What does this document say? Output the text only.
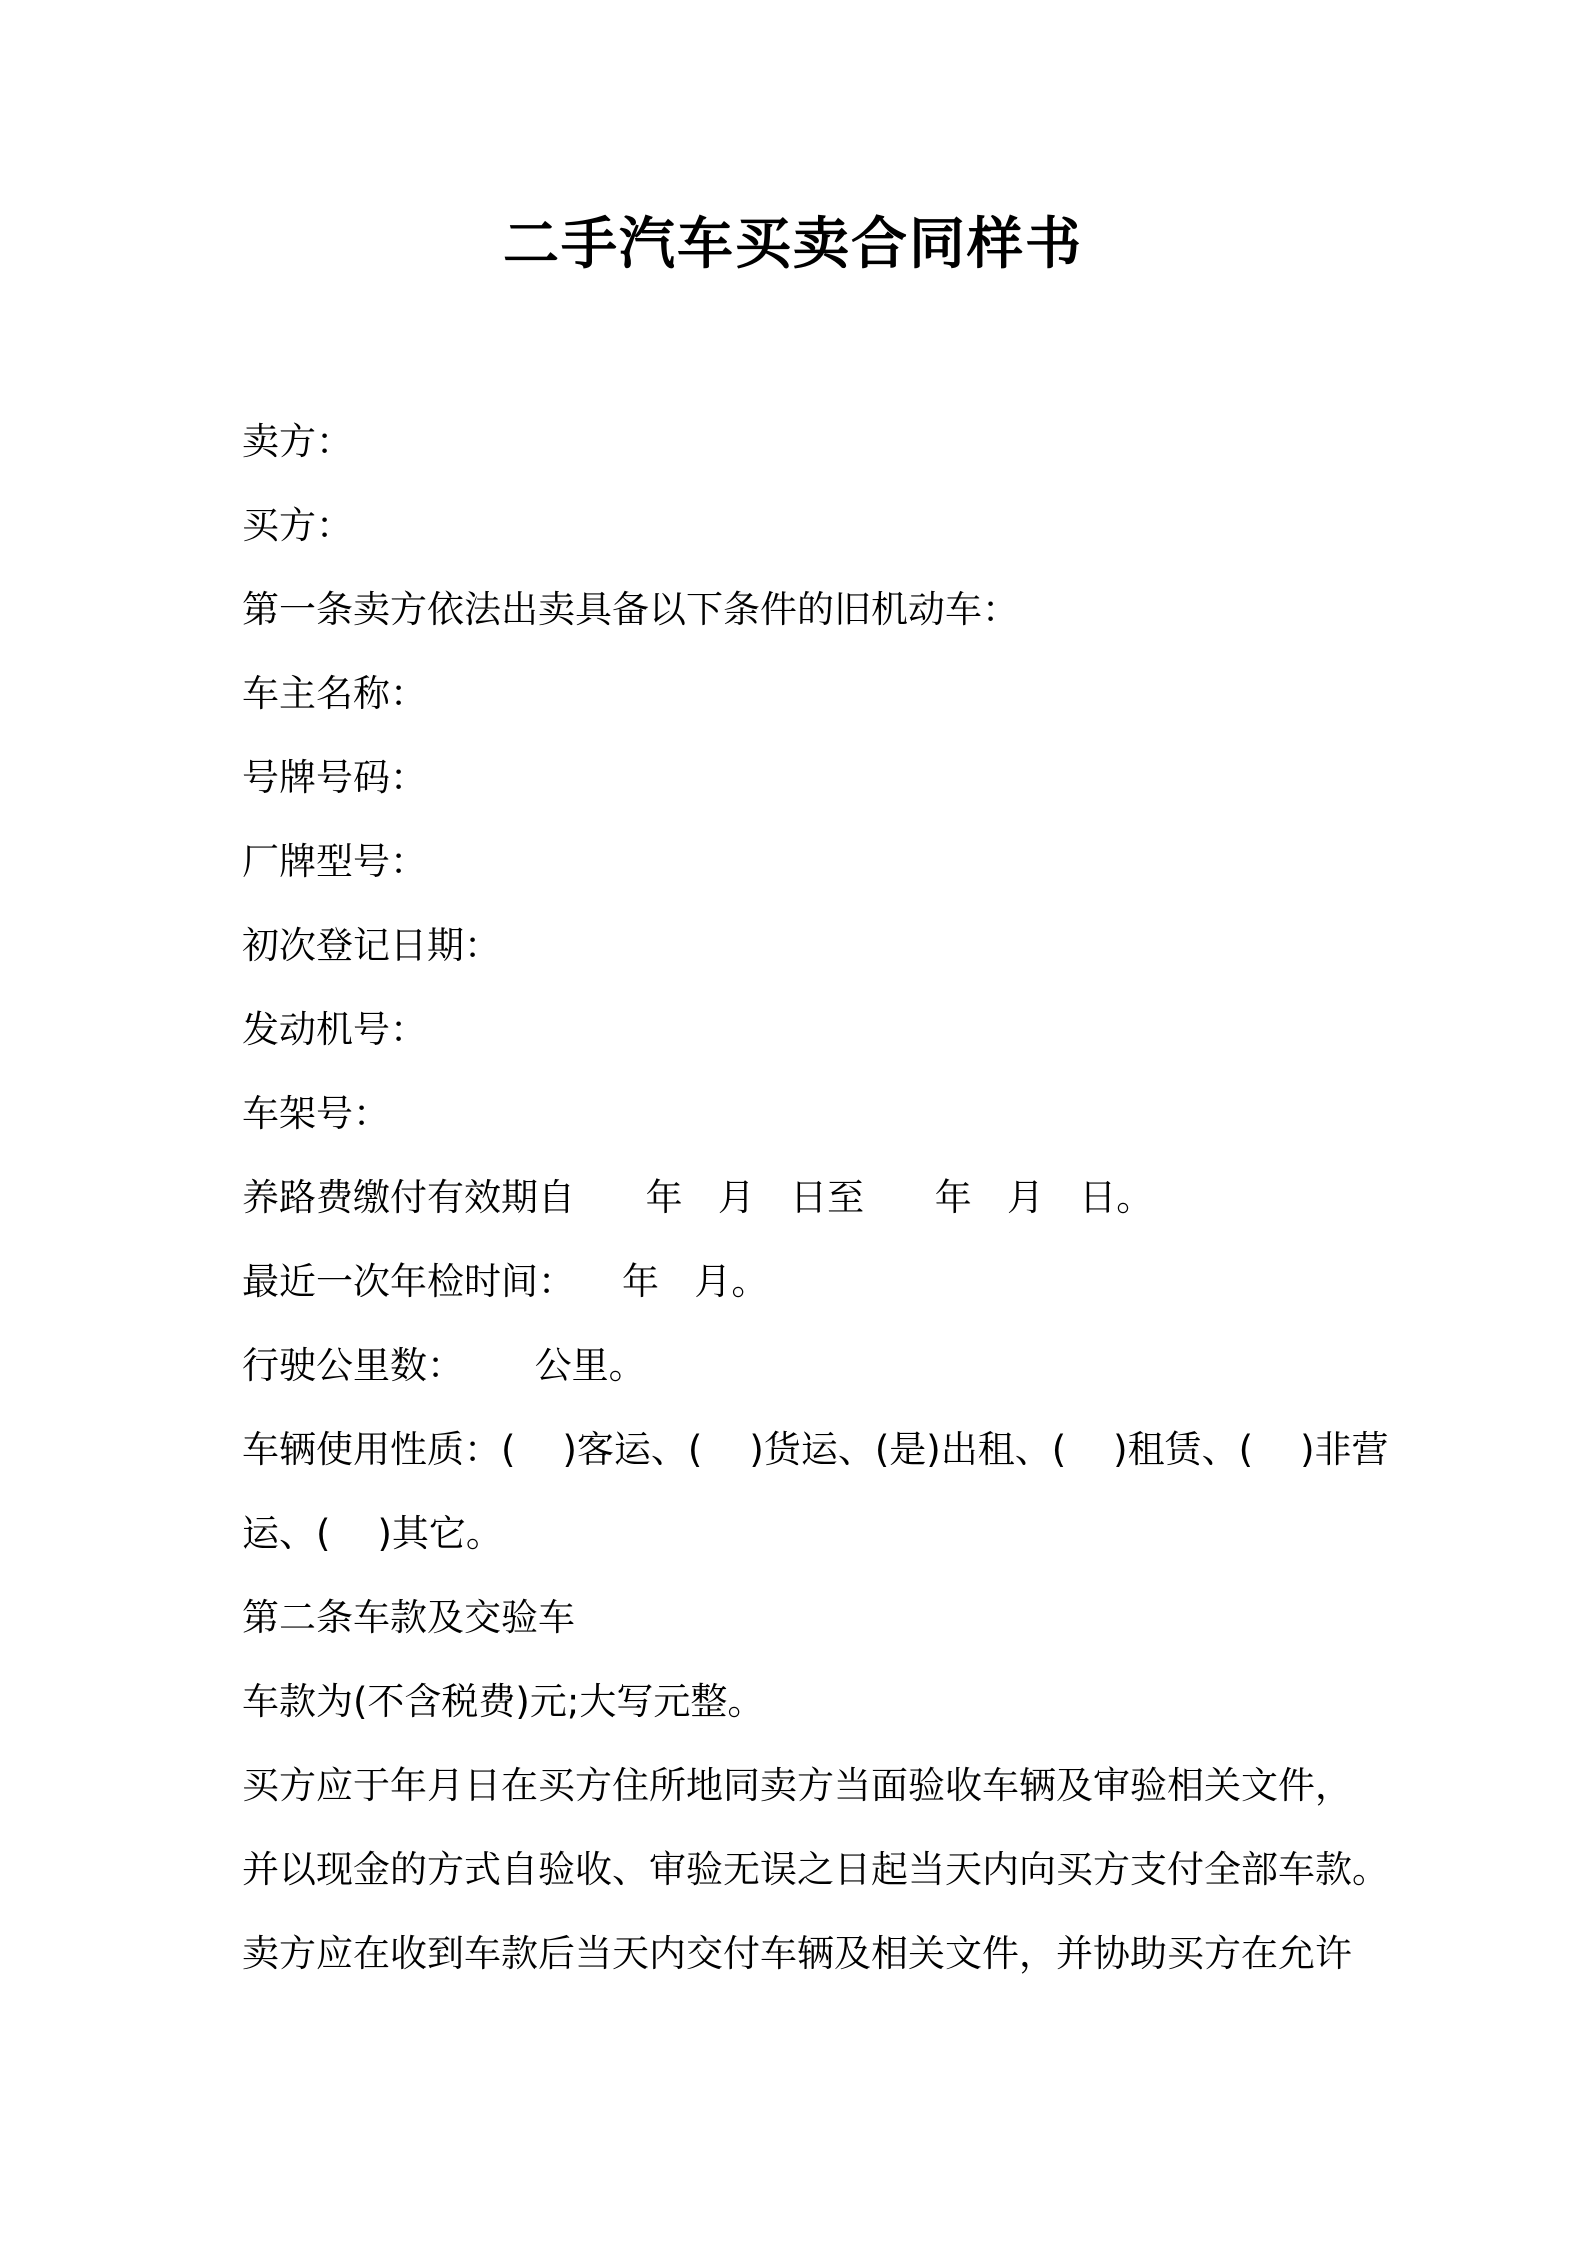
二手汽车买卖合同样书

卖方：

买方：

第一条卖方依法出卖具备以下条件的旧机动车：

车主名称：

号牌号码：

厂牌型号：

初次登记日期：

发动机号：

车架号：

养路费缴付有效期自      年   月   日至      年   月   日。

最近一次年检时间：    年   月。

行驶公里数：      公里。

车辆使用性质：(    )客运、(    )货运、(是)出租、(    )租赁、(    )非营

运、(    )其它。

第二条车款及交验车

车款为(不含税费)元;大写元整。

买方应于年月日在买方住所地同卖方当面验收车辆及审验相关文件，

并以现金的方式自验收、审验无误之日起当天内向买方支付全部车款。

卖方应在收到车款后当天内交付车辆及相关文件，并协助买方在允许
